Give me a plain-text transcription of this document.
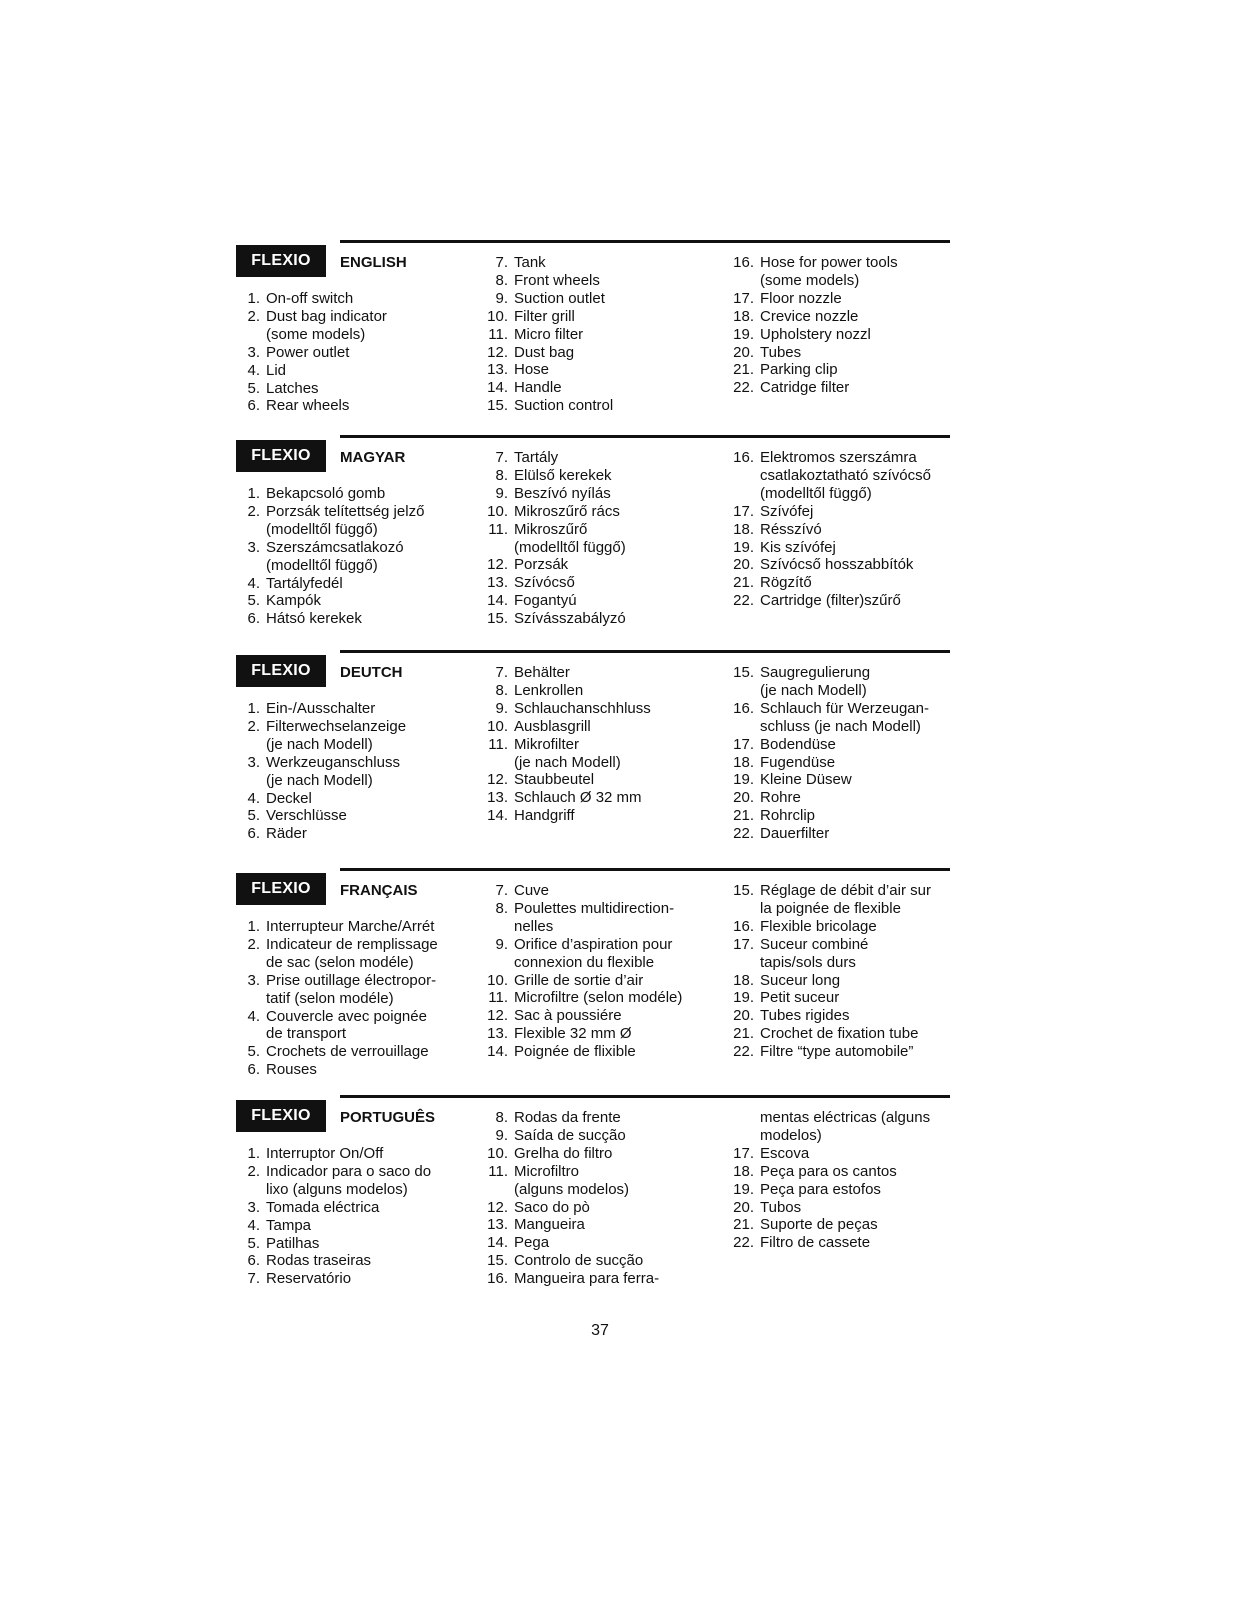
FLEXIO	ENGLISH
1. On-off switch
2. Dust bag indicator
(some models)
3. Power outlet
4. Lid
5. Latches
6. Rear wheels
7. Tank
8. Front wheels
9. Suction outlet
10. Filter grill
11. Micro filter
12. Dust bag
13. Hose
14. Handle
15. Suction control
16. Hose for power tools
(some models)
17. Floor nozzle
18. Crevice nozzle
19. Upholstery nozzl
20. Tubes
21. Parking clip
22. Catridge filter
FLEXIO	MAGYAR
1. Bekapcsoló gomb
2. Porzsák telítettség jelző
(modelltől függő)
3. Szerszámcsatlakozó
(modelltől függő)
4. Tartályfedél
5. Kampók
6. Hátsó kerekek
7. Tartály
8. Elülső kerekek
9. Beszívó nyílás
10. Mikroszűrő rács
11. Mikroszűrő
(modelltől függő)
12. Porzsák
13. Szívócső
14. Fogantyú
15. Szívásszabályzó
16. Elektromos szerszámra
csatlakoztatható szívócső
(modelltől függő)
17. Szívófej
18. Résszívó
19. Kis szívófej
20. Szívócső hosszabbítók
21. Rögzítő
22. Cartridge (filter)szűrő
FLEXIO	DEUTCH
1. Ein-/Ausschalter
2. Filterwechselanzeige
(je nach Modell)
3. Werkzeuganschluss
(je nach Modell)
4. Deckel
5. Verschlüsse
6. Räder
7. Behälter
8. Lenkrollen
9. Schlauchanschhluss
10. Ausblasgrill
11. Mikrofilter
(je nach Modell)
12. Staubbeutel
13. Schlauch Ø 32 mm
14. Handgriff
15. Saugregulierung
(je nach Modell)
16. Schlauch für Werzeugan-
schluss (je nach Modell)
17. Bodendüse
18. Fugendüse
19. Kleine Düsew
20. Rohre
21. Rohrclip
22. Dauerfilter
FLEXIO	FRANÇAIS
1. Interrupteur Marche/Arrét
2. Indicateur de remplissage
de sac (selon modéle)
3. Prise outillage électropor-
tatif (selon modéle)
4. Couvercle avec poignée
de transport
5. Crochets de verrouillage
6. Rouses
7. Cuve
8. Poulettes multidirection-
nelles
9. Orifice d’aspiration pour
connexion du flexible
10. Grille de sortie d’air
11. Microfiltre (selon modéle)
12. Sac à poussiére
13. Flexible 32 mm Ø
14. Poignée de flixible
15. Réglage de débit d’air sur
la poignée de flexible
16. Flexible bricolage
17. Suceur combiné
tapis/sols durs
18. Suceur long
19. Petit suceur
20. Tubes rigides
21. Crochet de fixation tube
22. Filtre “type automobile”
FLEXIO	PORTUGUÊS
1. Interruptor On/Off
2. Indicador para o saco do
lixo (alguns modelos)
3. Tomada eléctrica
4. Tampa
5. Patilhas
6. Rodas traseiras
7. Reservatório
8. Rodas da frente
9. Saída de sucção
10. Grelha do filtro
11. Microfiltro
(alguns modelos)
12. Saco do pò
13. Mangueira
14. Pega
15. Controlo de sucção
16. Mangueira para ferra-
mentas eléctricas (alguns
modelos)
17. Escova
18. Peça para os cantos
19. Peça para estofos
20. Tubos
21. Suporte de peças
22. Filtro de cassete
37
